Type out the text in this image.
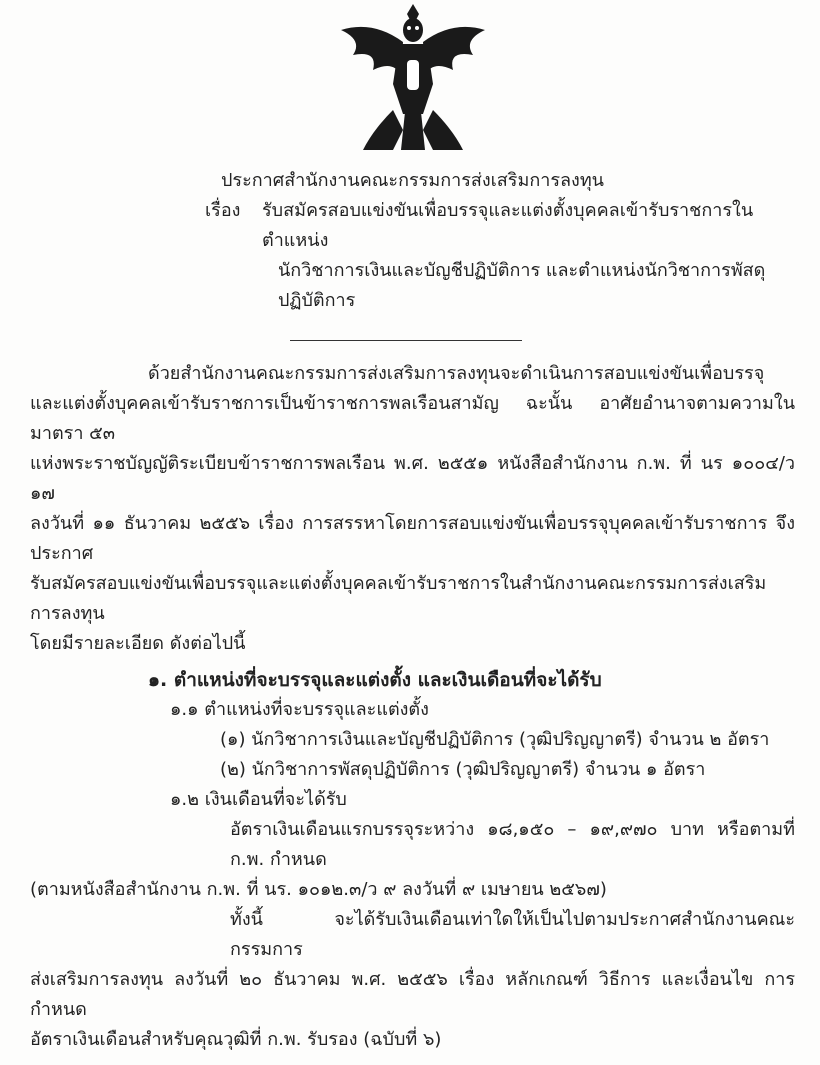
ประกาศสำนักงานคณะกรรมการส่งเสริมการลงทุน
เรื่อง	รับสมัครสอบแข่งขันเพื่อบรรจุและแต่งตั้งบุคคลเข้ารับราชการในตำแหน่ง
นักวิชาการเงินและบัญชีปฏิบัติการ และตำแหน่งนักวิชาการพัสดุปฏิบัติการ
ด้วยสำนักงานคณะกรรมการส่งเสริมการลงทุนจะดำเนินการสอบแข่งขันเพื่อบรรจุ
และแต่งตั้งบุคคลเข้ารับราชการเป็นข้าราชการพลเรือนสามัญ ฉะนั้น อาศัยอำนาจตามความในมาตรา ๕๓
แห่งพระราชบัญญัติระเบียบข้าราชการพลเรือน พ.ศ. ๒๕๕๑ หนังสือสำนักงาน ก.พ. ที่ นร ๑๐๐๔/ว ๑๗
ลงวันที่ ๑๑ ธันวาคม ๒๕๕๖ เรื่อง การสรรหาโดยการสอบแข่งขันเพื่อบรรจุบุคคลเข้ารับราชการ จึงประกาศ
รับสมัครสอบแข่งขันเพื่อบรรจุและแต่งตั้งบุคคลเข้ารับราชการในสำนักงานคณะกรรมการส่งเสริมการลงทุน
โดยมีรายละเอียด ดังต่อไปนี้
๑. ตำแหน่งที่จะบรรจุและแต่งตั้ง และเงินเดือนที่จะได้รับ
๑.๑ ตำแหน่งที่จะบรรจุและแต่งตั้ง
(๑) นักวิชาการเงินและบัญชีปฏิบัติการ (วุฒิปริญญาตรี) จำนวน ๒ อัตรา
(๒) นักวิชาการพัสดุปฏิบัติการ (วุฒิปริญญาตรี) จำนวน ๑ อัตรา
๑.๒ เงินเดือนที่จะได้รับ
อัตราเงินเดือนแรกบรรจุระหว่าง ๑๘,๑๕๐ – ๑๙,๙๗๐ บาท หรือตามที่ ก.พ. กำหนด
(ตามหนังสือสำนักงาน ก.พ. ที่ นร. ๑๐๑๒.๓/ว ๙ ลงวันที่ ๙ เมษายน ๒๕๖๗)
ทั้งนี้ จะได้รับเงินเดือนเท่าใดให้เป็นไปตามประกาศสำนักงานคณะกรรมการ
ส่งเสริมการลงทุน ลงวันที่ ๒๐ ธันวาคม พ.ศ. ๒๕๕๖ เรื่อง หลักเกณฑ์ วิธีการ และเงื่อนไข การกำหนด
อัตราเงินเดือนสำหรับคุณวุฒิที่ ก.พ. รับรอง (ฉบับที่ ๖)
